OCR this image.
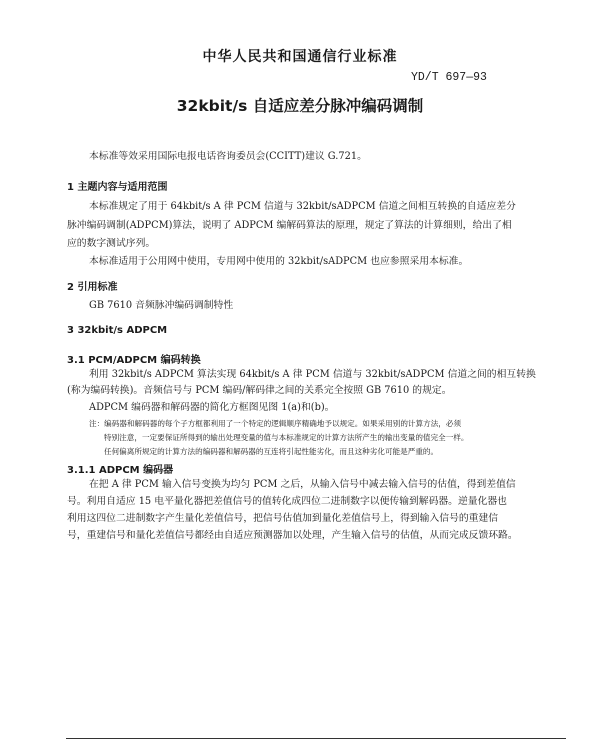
中华人民共和国通信行业标准
YD/T 697—93
32kbit/s 自适应差分脉冲编码调制
本标准等效采用国际电报电话咨询委员会(CCITT)建议 G.721。
1 主题内容与适用范围
本标准规定了用于 64kbit/s A 律 PCM 信道与 32kbit/sADPCM 信道之间相互转换的自适应差分
脉冲编码调制(ADPCM)算法，说明了 ADPCM 编解码算法的原理，规定了算法的计算细则，给出了相
应的数字测试序列。
本标准适用于公用网中使用，专用网中使用的 32kbit/sADPCM 也应参照采用本标准。
2 引用标准
GB 7610 音频脉冲编码调制特性
3 32kbit/s ADPCM
3.1 PCM/ADPCM 编码转换
利用 32kbit/s ADPCM 算法实现 64kbit/s A 律 PCM 信道与 32kbit/sADPCM 信道之间的相互转换
(称为编码转换)。音频信号与 PCM 编码/解码律之间的关系完全按照 GB 7610 的规定。
ADPCM 编码器和解码器的简化方框图见图 1(a)和(b)。
注：编码器和解码器的每个子方框都利用了一个特定的逻辑顺序精确地予以规定。如果采用别的计算方法，必须
特别注意，一定要保证所得到的输出处理变量的值与本标准规定的计算方法所产生的输出变量的值完全一样。
任何偏离所规定的计算方法的编码器和解码器的互连将引起性能劣化，而且这种劣化可能是严重的。
3.1.1 ADPCM 编码器
在把 A 律 PCM 输入信号变换为均匀 PCM 之后，从输入信号中减去输入信号的估值，得到差值信
号。利用自适应 15 电平量化器把差值信号的值转化成四位二进制数字以便传输到解码器。逆量化器也
利用这四位二进制数字产生量化差值信号，把信号估值加到量化差值信号上，得到输入信号的重建信
号，重建信号和量化差值信号都经由自适应预测器加以处理，产生输入信号的估值，从而完成反馈环路。
